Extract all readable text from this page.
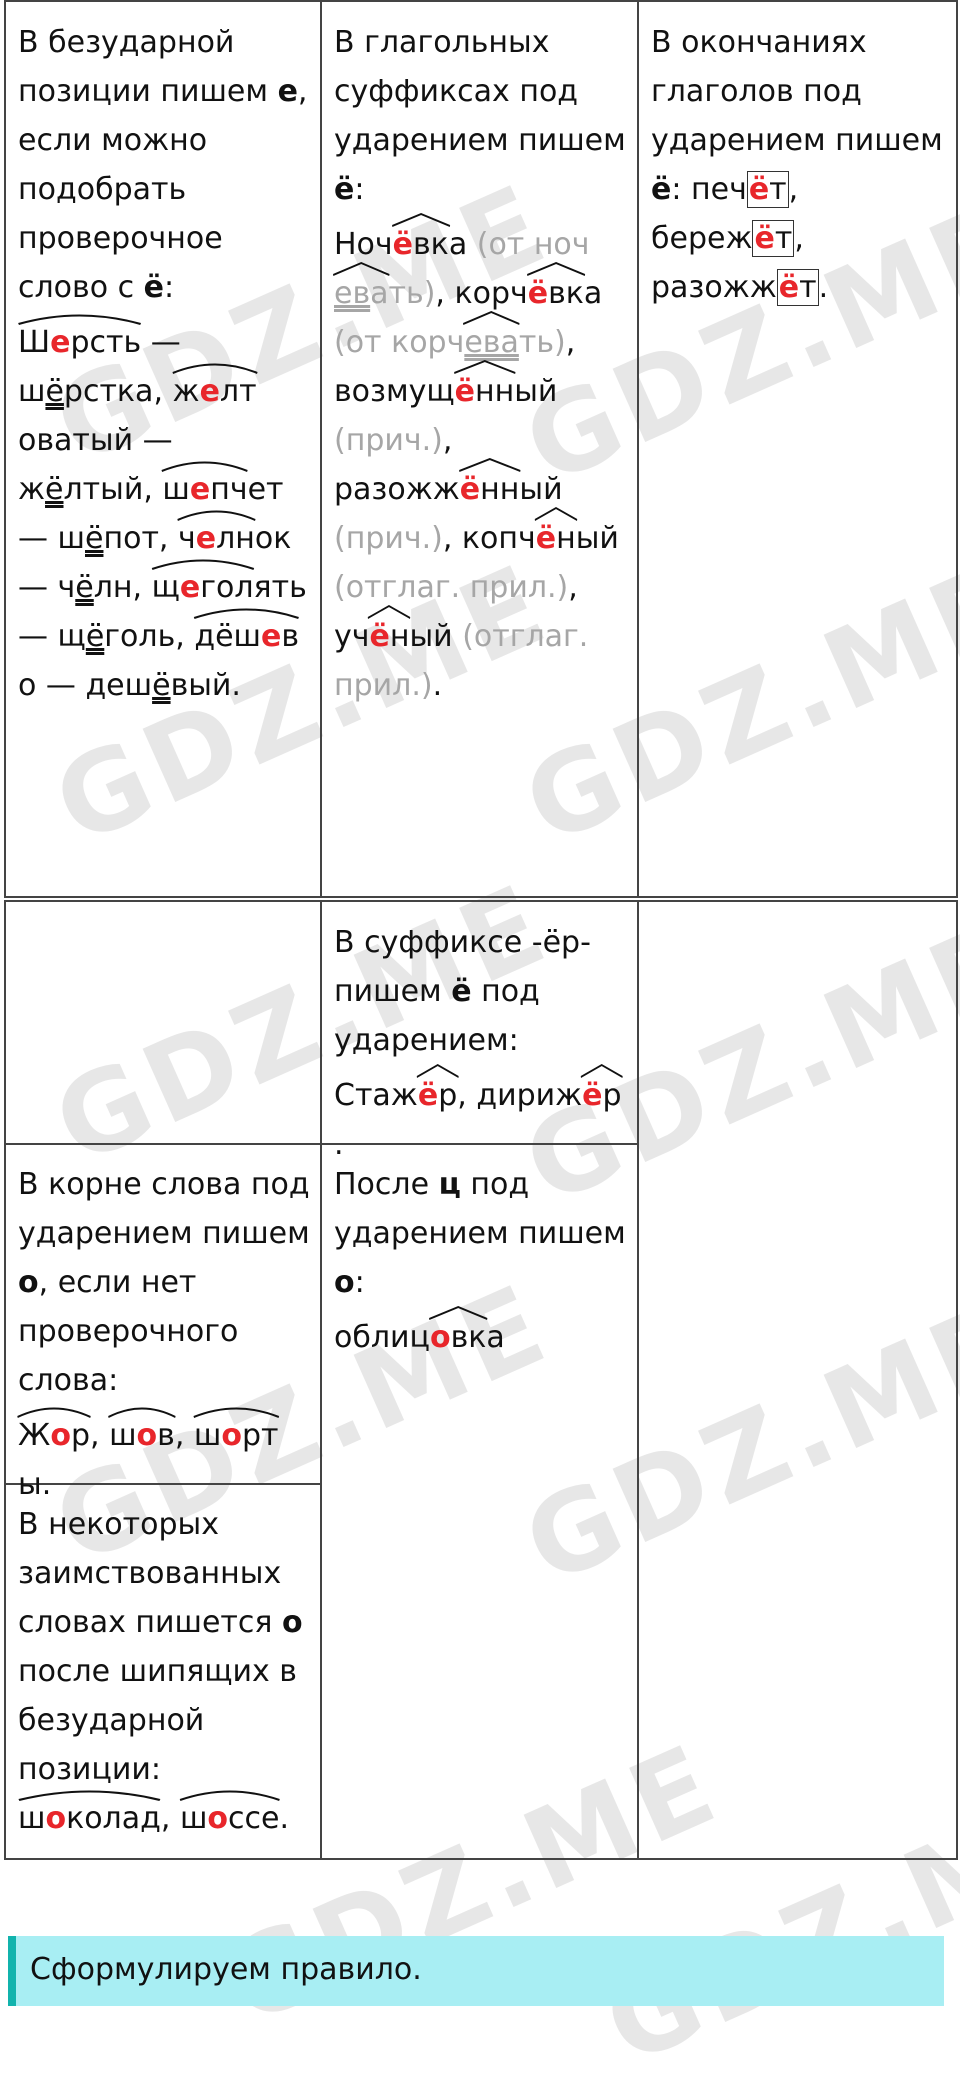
GDZ.ME
GDZ.ME
GDZ.ME
GDZ.ME
GDZ.ME
GDZ.ME
GDZ.ME
GDZ.ME
GDZ.ME
GDZ.ME

В безударной позиции пишем е, если можно подобрать проверочное слово с ё:

Шерсть — шёрстка, желтоватый — жёлтый, шепчет — шёпот, челнок — чёлн, щеголять — щёголь,
дёшево — дешёвый.

В глагольных суффиксах под ударением пишем ё:

Ноч
ёвка (от ноч
евать), корч
ёвка (от корч
евать),
возмущ
ённый
(прич.),
разожж
ённый
(прич.), копч
ёный
(отглаг. прил.),
уч
ёный (отглаг. прил.).

В окончаниях глаголов под ударением пишем ё: печёт, бережёт, разожжёт.

В суффиксе -ёр- пишем ё под ударением:

Стаж
ёр, дириж
ёр.

В корне слова под ударением пишем о, если нет проверочного слова:

Жор,
шов,
шорты.

После ц под ударением пишем о:

облиц
овка

В некоторых заимствованных словах пишется о после шипящих в безударной позиции:

шоколад,
шоссе.

Сформулируем правило.
